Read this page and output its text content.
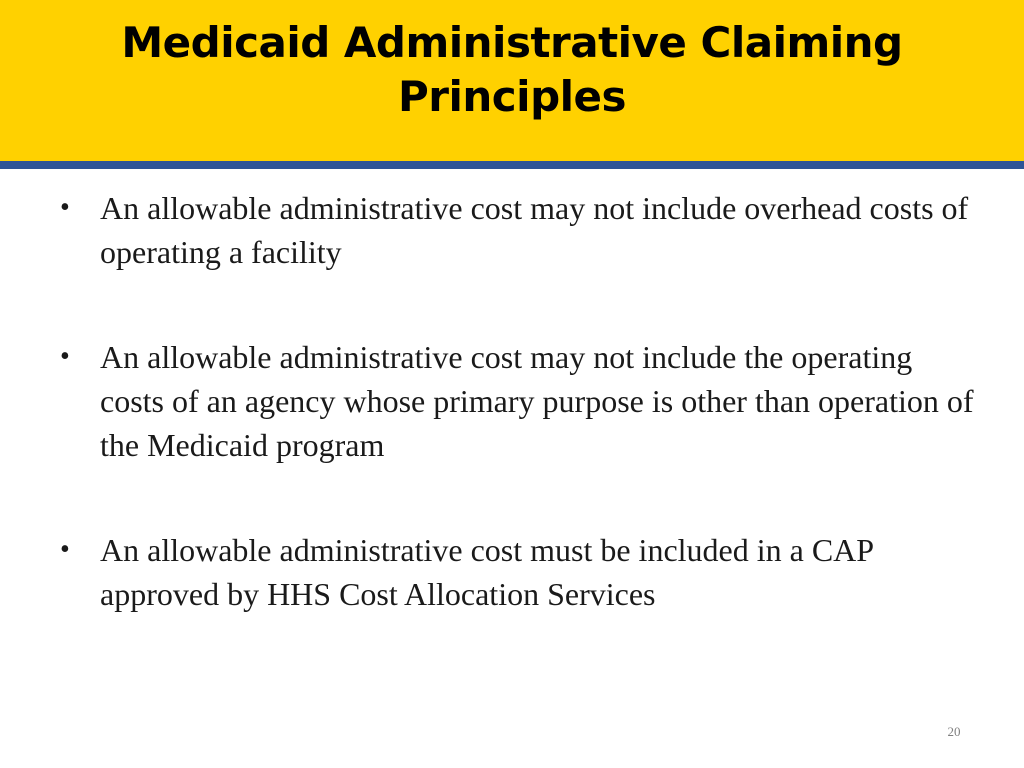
Medicaid Administrative Claiming Principles
• An allowable administrative cost may not include overhead costs of operating a facility
• An allowable administrative cost may not include the operating costs of an agency whose primary purpose is other than operation of the Medicaid program
• An allowable administrative cost must be included in a CAP approved by HHS Cost Allocation Services
20
